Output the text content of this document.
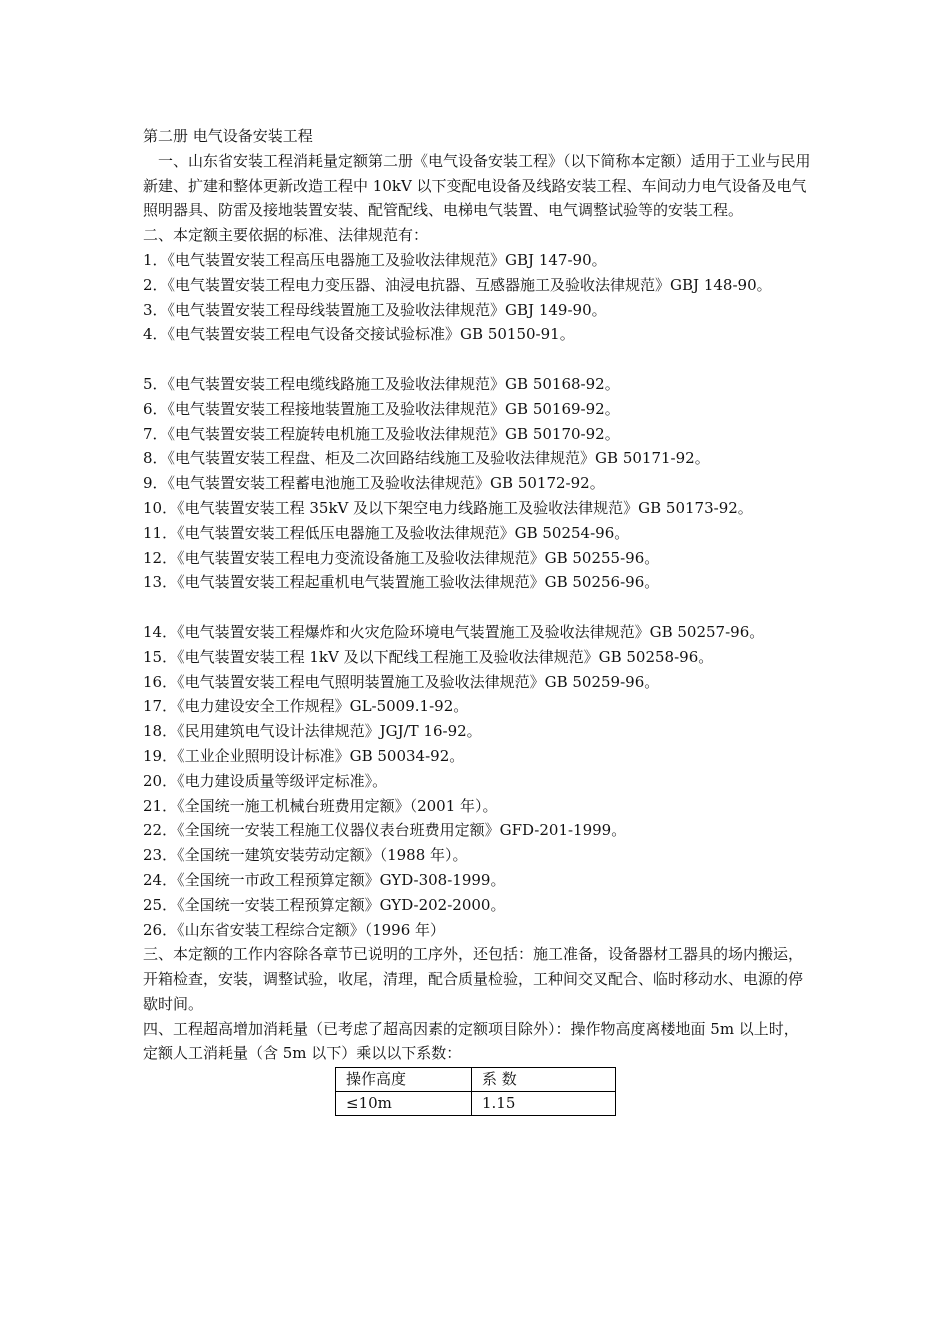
第二册 电气设备安装工程

一、山东省安装工程消耗量定额第二册《电气设备安装工程》（以下简称本定额）适用于工业与民用新建、扩建和整体更新改造工程中 10kV 以下变配电设备及线路安装工程、车间动力电气设备及电气照明器具、防雷及接地装置安装、配管配线、电梯电气装置、电气调整试验等的安装工程。

二、本定额主要依据的标准、法律规范有：

1．《电气装置安装工程高压电器施工及验收法律规范》GBJ 147-90。

2．《电气装置安装工程电力变压器、油浸电抗器、互感器施工及验收法律规范》GBJ 148-90。

3．《电气装置安装工程母线装置施工及验收法律规范》GBJ 149-90。

4．《电气装置安装工程电气设备交接试验标准》GB 50150-91。

5．《电气装置安装工程电缆线路施工及验收法律规范》GB 50168-92。

6．《电气装置安装工程接地装置施工及验收法律规范》GB 50169-92。

7．《电气装置安装工程旋转电机施工及验收法律规范》GB 50170-92。

8．《电气装置安装工程盘、柜及二次回路结线施工及验收法律规范》GB 50171-92。

9．《电气装置安装工程蓄电池施工及验收法律规范》GB 50172-92。

10．《电气装置安装工程 35kV 及以下架空电力线路施工及验收法律规范》GB 50173-92。

11．《电气装置安装工程低压电器施工及验收法律规范》GB 50254-96。

12．《电气装置安装工程电力变流设备施工及验收法律规范》GB 50255-96。

13．《电气装置安装工程起重机电气装置施工验收法律规范》GB 50256-96。

14．《电气装置安装工程爆炸和火灾危险环境电气装置施工及验收法律规范》GB 50257-96。

15．《电气装置安装工程 1kV 及以下配线工程施工及验收法律规范》GB 50258-96。

16．《电气装置安装工程电气照明装置施工及验收法律规范》GB 50259-96。

17．《电力建设安全工作规程》GL-5009.1-92。

18．《民用建筑电气设计法律规范》JGJ/T 16-92。

19．《工业企业照明设计标准》GB 50034-92。

20．《电力建设质量等级评定标准》。

21．《全国统一施工机械台班费用定额》（2001 年）。

22．《全国统一安装工程施工仪器仪表台班费用定额》GFD-201-1999。

23．《全国统一建筑安装劳动定额》（1988 年）。

24．《全国统一市政工程预算定额》GYD-308-1999。

25．《全国统一安装工程预算定额》GYD-202-2000。

26．《山东省安装工程综合定额》（1996 年）

三、本定额的工作内容除各章节已说明的工序外，还包括：施工准备，设备器材工器具的场内搬运，开箱检查，安装，调整试验，收尾，清理，配合质量检验，工种间交叉配合、临时移动水、电源的停歇时间。

四、工程超高增加消耗量（已考虑了超高因素的定额项目除外）：操作物高度离楼地面 5m 以上时，定额人工消耗量（含 5m 以下）乘以以下系数：

操作高度	系 数
≤10m	1.15
